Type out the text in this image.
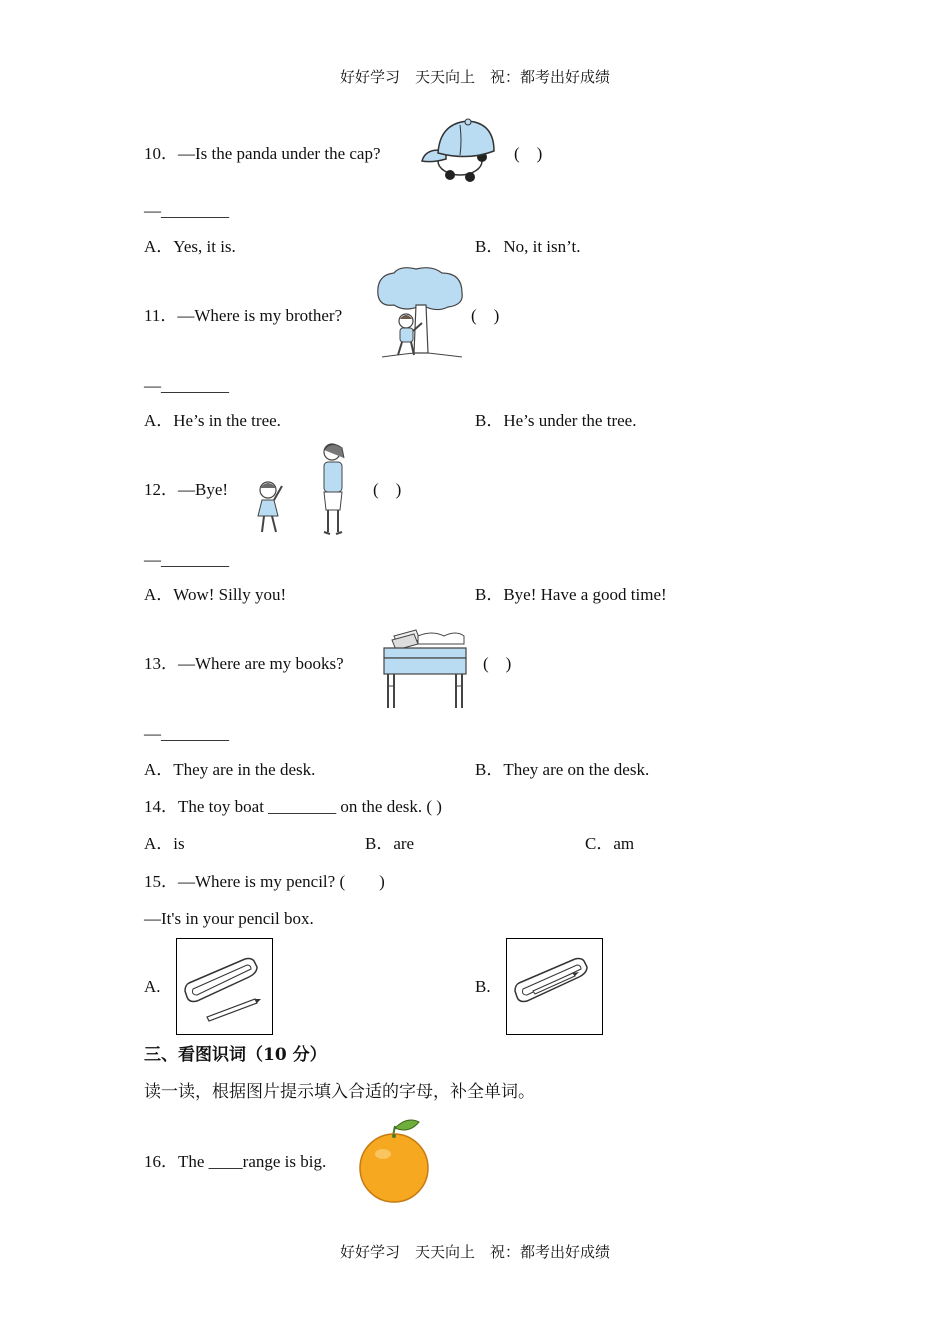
好好学习　天天向上　祝：都考出好成绩
10．—Is the panda under the cap?	(　)
—________
A．Yes, it is.	B．No, it isn’t.
11．—Where is my brother?	(　)
—________
A．He’s in the tree.	B．He’s under the tree.
12．—Bye!	(　)
—________
A．Wow! Silly you!	B．Bye! Have a good time!
13．—Where are my books?	(　)
—________
A．They are in the desk.	B．They are on the desk.
14．The toy boat ________ on the desk. ( )
A．is	B．are	C．am
15．—Where is my pencil? (　　)
—It's in your pencil box.
A.	B.
三、看图识词（10 分）
读一读，根据图片提示填入合适的字母，补全单词。
16．The ____range is big.
好好学习　天天向上　祝：都考出好成绩
